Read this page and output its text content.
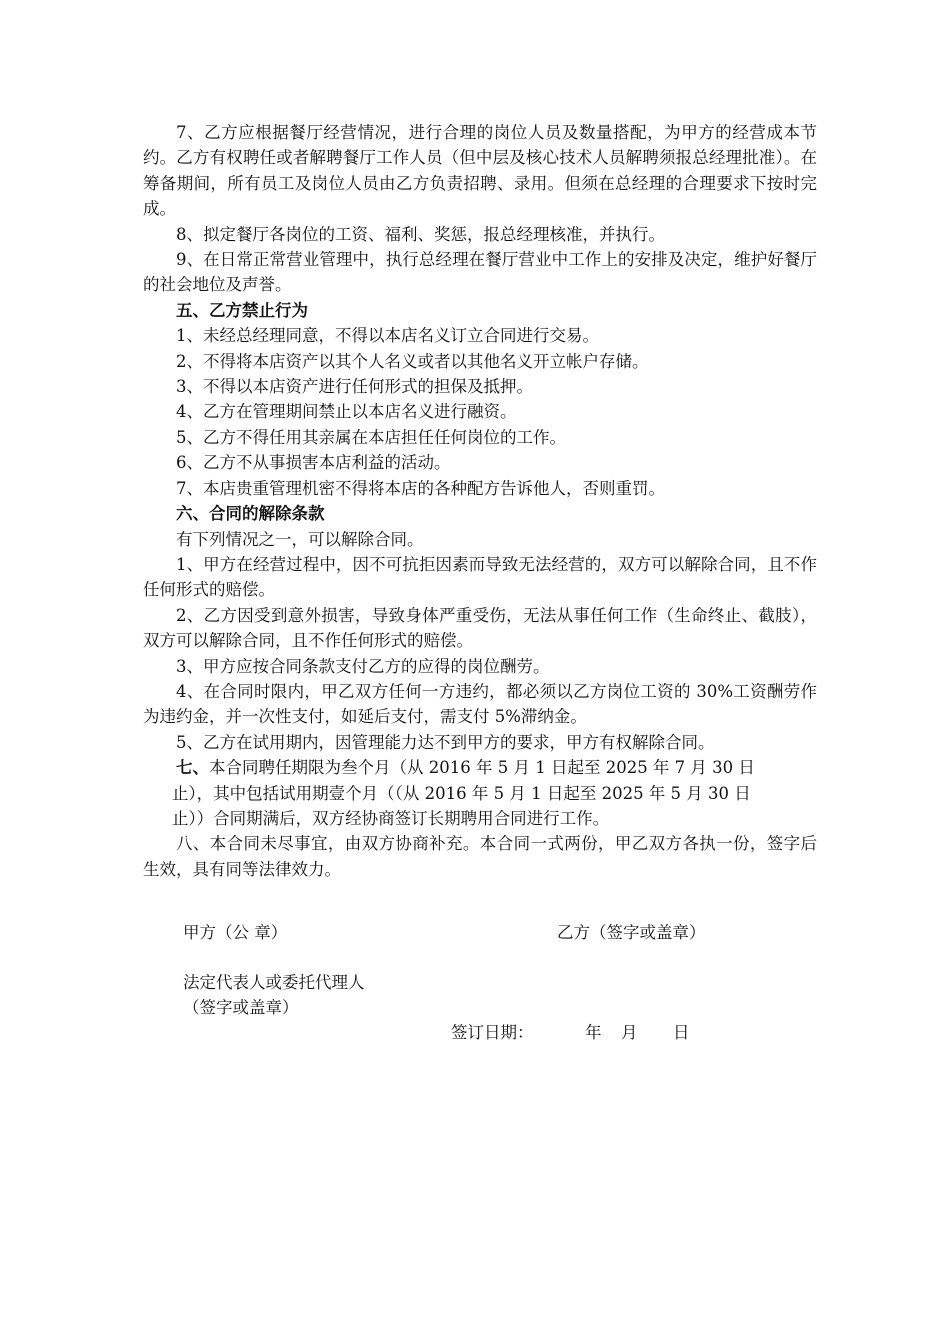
7、乙方应根据餐厅经营情况，进行合理的岗位人员及数量搭配，为甲方的经营成本节约。乙方有权聘任或者解聘餐厅工作人员（但中层及核心技术人员解聘须报总经理批准）。在筹备期间，所有员工及岗位人员由乙方负责招聘、录用。但须在总经理的合理要求下按时完成。

8、拟定餐厅各岗位的工资、福利、奖惩，报总经理核准，并执行。

9、在日常正常营业管理中，执行总经理在餐厅营业中工作上的安排及决定，维护好餐厅的社会地位及声誉。

五、乙方禁止行为

1、未经总经理同意，不得以本店名义订立合同进行交易。

2、不得将本店资产以其个人名义或者以其他名义开立帐户存储。

3、不得以本店资产进行任何形式的担保及抵押。

4、乙方在管理期间禁止以本店名义进行融资。

5、乙方不得任用其亲属在本店担任任何岗位的工作。

6、乙方不从事损害本店利益的活动。

7、本店贵重管理机密不得将本店的各种配方告诉他人，否则重罚。

六、合同的解除条款

有下列情况之一，可以解除合同。

1、甲方在经营过程中，因不可抗拒因素而导致无法经营的，双方可以解除合同，且不作任何形式的赔偿。

2、乙方因受到意外损害，导致身体严重受伤，无法从事任何工作（生命终止、截肢），双方可以解除合同，且不作任何形式的赔偿。

3、甲方应按合同条款支付乙方的应得的岗位酬劳。

4、在合同时限内，甲乙双方任何一方违约，都必须以乙方岗位工资的 30%工资酬劳作为违约金，并一次性支付，如延后支付，需支付 5%滞纳金。

5、乙方在试用期内，因管理能力达不到甲方的要求，甲方有权解除合同。

七、本合同聘任期限为叁个月（从 2016 年 5 月 1 日起至 2025 年 7 月 30 日
止），其中包括试用期壹个月（（从 2016 年 5 月 1 日起至 2025 年 5 月 30 日
止））合同期满后，双方经协商签订长期聘用合同进行工作。

八、本合同未尽事宜，由双方协商补充。本合同一式两份，甲乙双方各执一份，签字后生效，具有同等法律效力。

甲方（公 章）	乙方（签字或盖章）
法定代表人或委托代理人
（签字或盖章）
签订日期：	年 月 日
